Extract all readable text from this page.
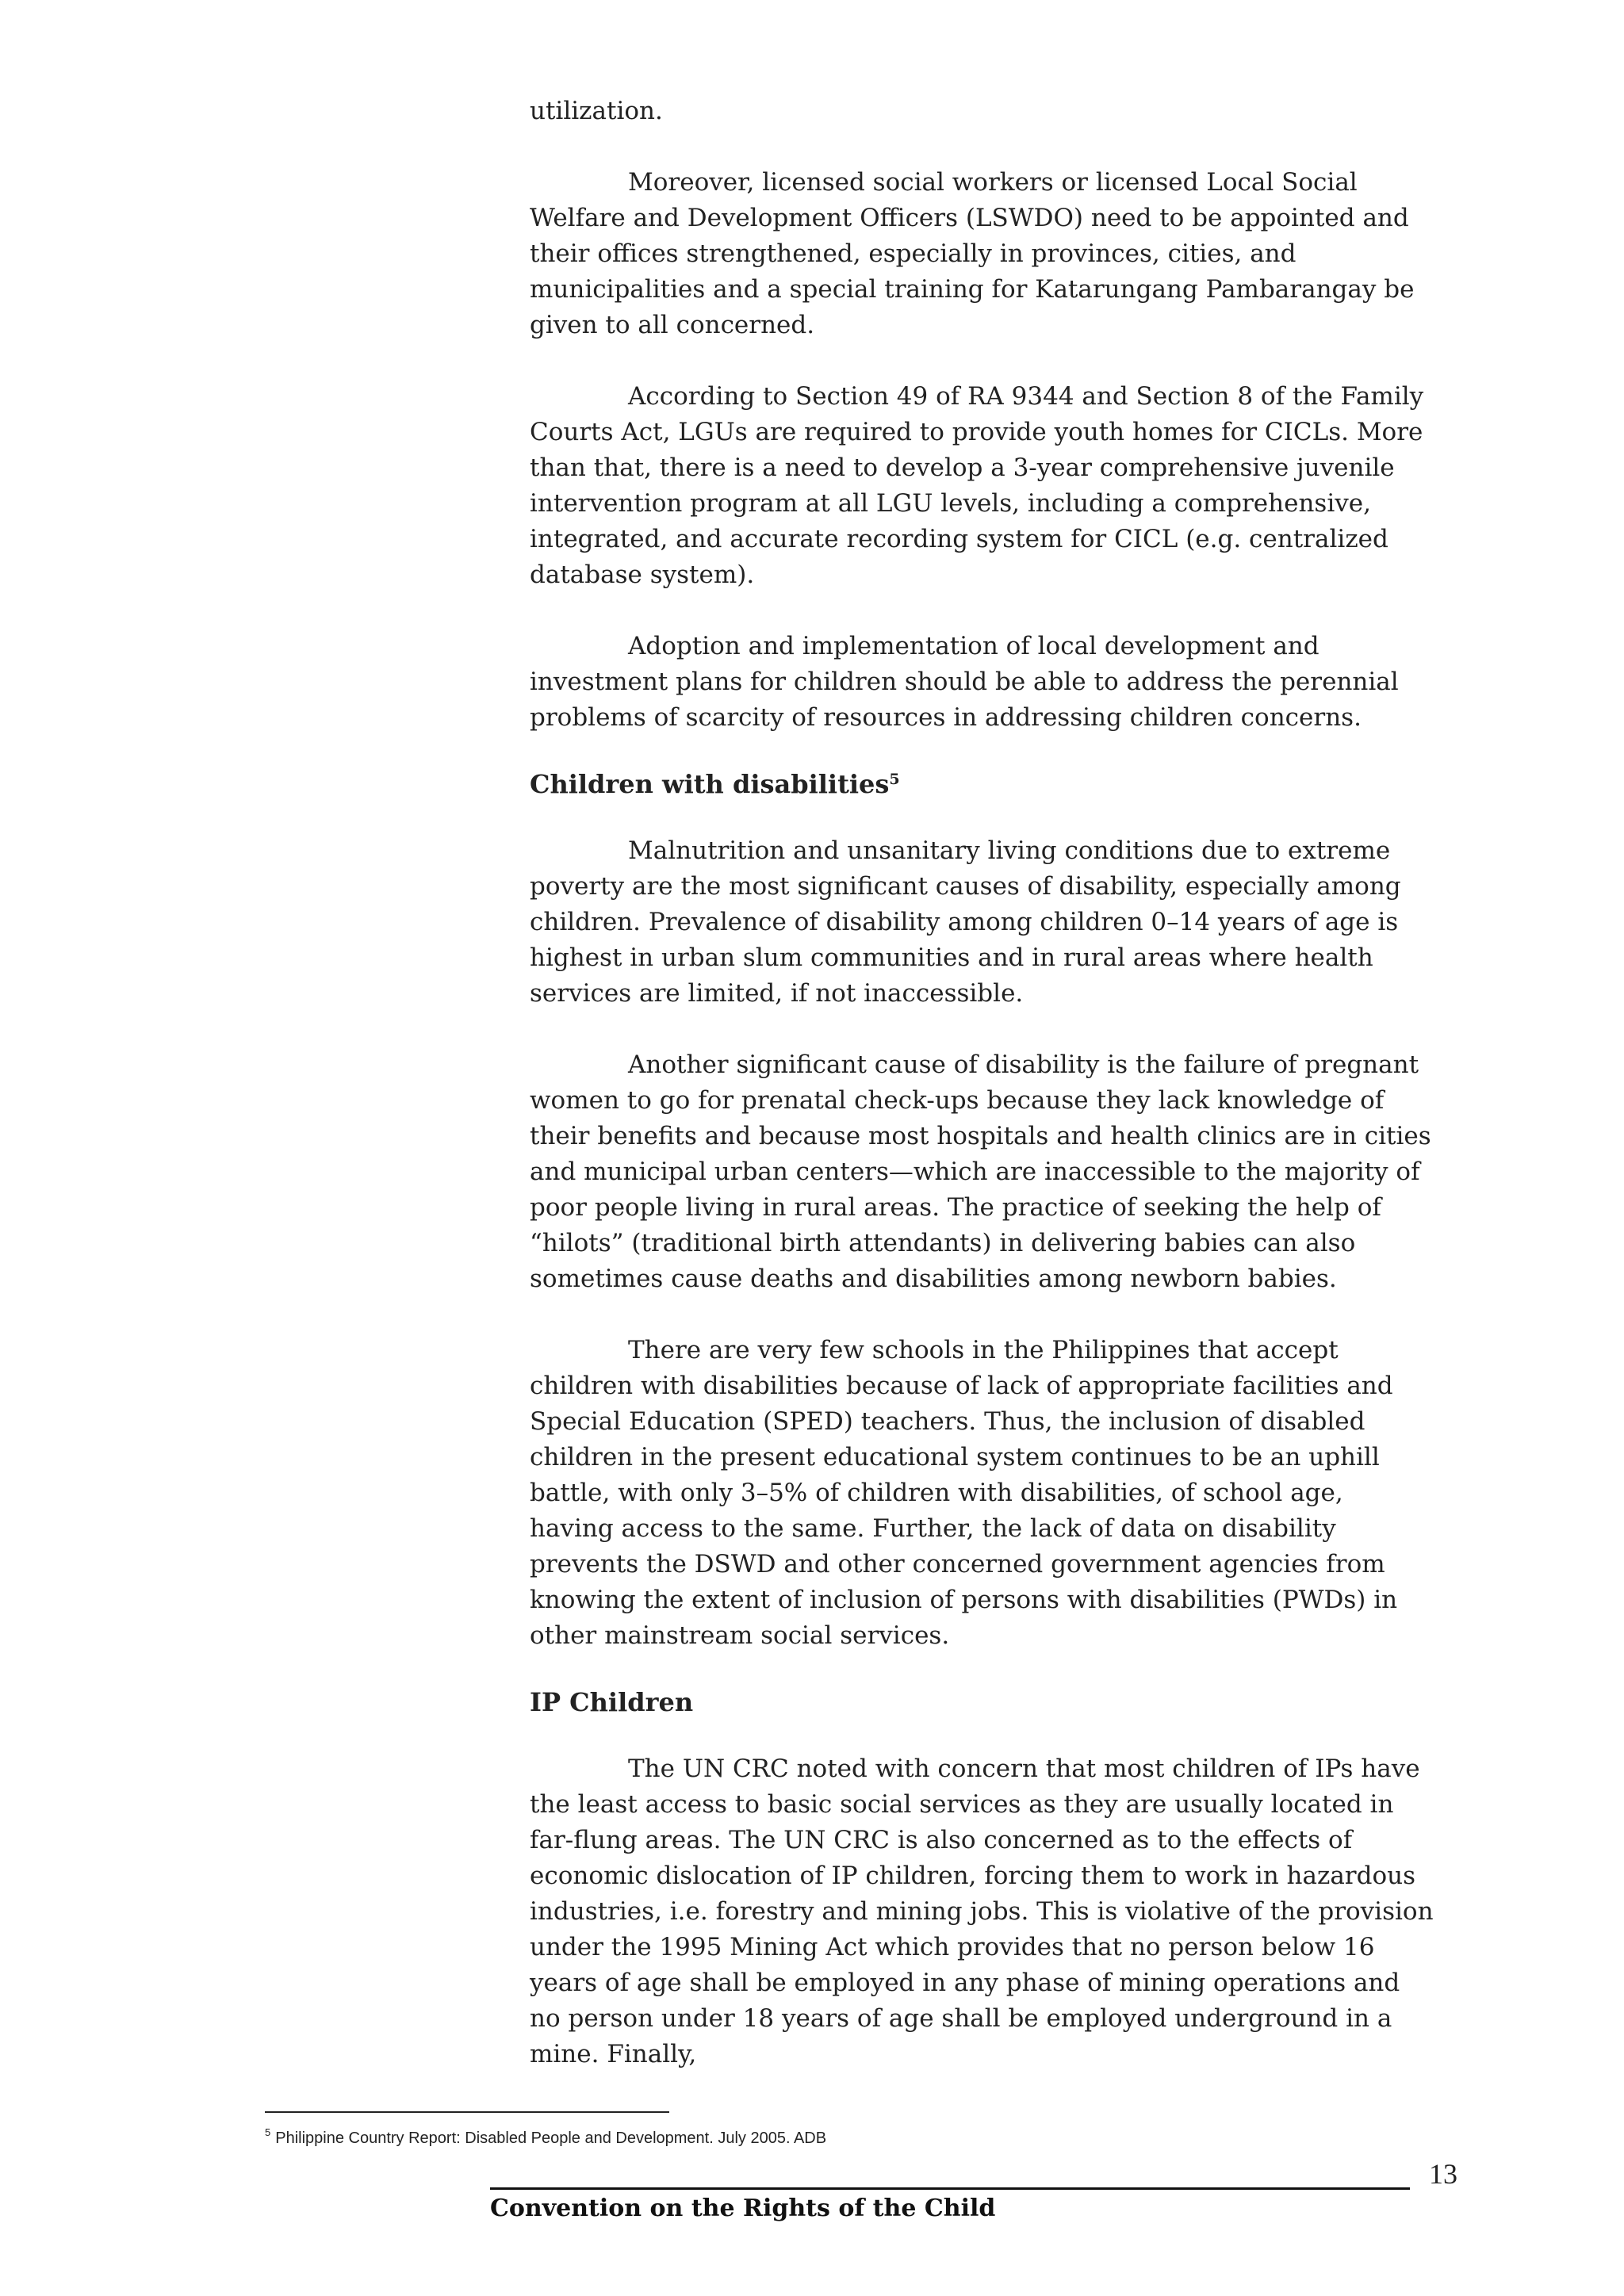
utilization.

Moreover, licensed social workers or licensed Local Social Welfare and Development Officers (LSWDO) need to be appointed and their offices strengthened, especially in provinces, cities, and municipalities and a special training for Katarungang Pambarangay be given to all concerned.

According to Section 49 of RA 9344 and Section 8 of the Family Courts Act, LGUs are required to provide youth homes for CICLs. More than that, there is a need to develop a 3-year comprehensive juvenile intervention program at all LGU levels, including a comprehensive, integrated, and accurate recording system for CICL (e.g. centralized database system).

Adoption and implementation of local development and investment plans for children should be able to address the perennial problems of scarcity of resources in addressing children concerns.

Children with disabilities$^5$

Malnutrition and unsanitary living conditions due to extreme poverty are the most significant causes of disability, especially among children. Prevalence of disability among children 0–14 years of age is highest in urban slum communities and in rural areas where health services are limited, if not inaccessible.

Another significant cause of disability is the failure of pregnant women to go for prenatal check-ups because they lack knowledge of their benefits and because most hospitals and health clinics are in cities and municipal urban centers—which are inaccessible to the majority of poor people living in rural areas. The practice of seeking the help of “hilots” (traditional birth attendants) in delivering babies can also sometimes cause deaths and disabilities among newborn babies.

There are very few schools in the Philippines that accept children with disabilities because of lack of appropriate facilities and Special Education (SPED) teachers. Thus, the inclusion of disabled children in the present educational system continues to be an uphill battle, with only 3–5% of children with disabilities, of school age, having access to the same. Further, the lack of data on disability prevents the DSWD and other concerned government agencies from knowing the extent of inclusion of persons with disabilities (PWDs) in other mainstream social services.

IP Children

The UN CRC noted with concern that most children of IPs have the least access to basic social services as they are usually located in far-flung areas. The UN CRC is also concerned as to the effects of economic dislocation of IP children, forcing them to work in hazardous industries, i.e. forestry and mining jobs. This is violative of the provision under the 1995 Mining Act which provides that no person below 16 years of age shall be employed in any phase of mining operations and no person under 18 years of age shall be employed underground in a mine. Finally,

$^5$ Philippine Country Report: Disabled People and Development. July 2005. ADB
13
Convention on the Rights of the Child
